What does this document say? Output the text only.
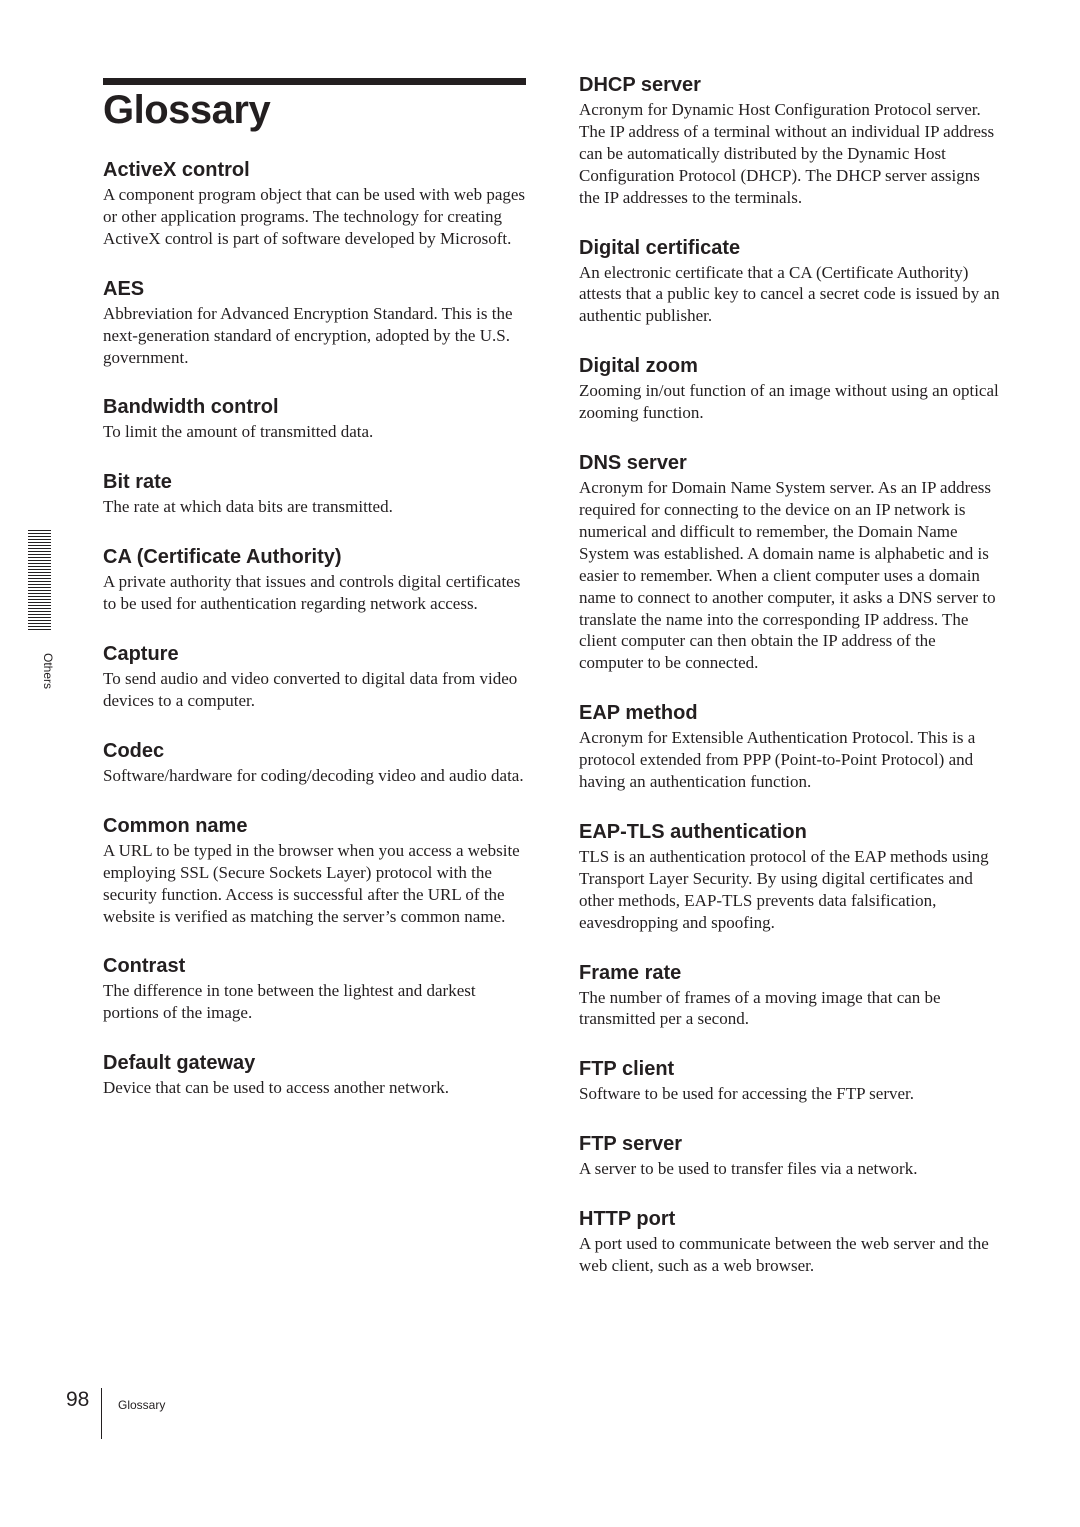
Glossary
Others
ActiveX control

A component program object that can be used with web pages or other application programs. The technology for creating ActiveX control is part of software developed by Microsoft.

AES

Abbreviation for Advanced Encryption Standard. This is the next-generation standard of encryption, adopted by the U.S. government.

Bandwidth control

To limit the amount of transmitted data.

Bit rate

The rate at which data bits are transmitted.

CA (Certificate Authority)

A private authority that issues and controls digital certificates to be used for authentication regarding network access.

Capture

To send audio and video converted to digital data from video devices to a computer.

Codec

Software/hardware for coding/decoding video and audio data.

Common name

A URL to be typed in the browser when you access a website employing SSL (Secure Sockets Layer) protocol with the security function. Access is successful after the URL of the website is verified as matching the server’s common name.

Contrast

The difference in tone between the lightest and darkest portions of the image.

Default gateway

Device that can be used to access another network.

DHCP server

Acronym for Dynamic Host Configuration Protocol server. The IP address of a terminal without an individual IP address can be automatically distributed by the Dynamic Host Configuration Protocol (DHCP). The DHCP server assigns the IP addresses to the terminals.

Digital certificate

An electronic certificate that a CA (Certificate Authority) attests that a public key to cancel a secret code is issued by an authentic publisher.

Digital zoom

Zooming in/out function of an image without using an optical zooming function.

DNS server

Acronym for Domain Name System server. As an IP address required for connecting to the device on an IP network is numerical and difficult to remember, the Domain Name System was established. A domain name is alphabetic and is easier to remember. When a client computer uses a domain name to connect to another computer, it asks a DNS server to translate the name into the corresponding IP address. The client computer can then obtain the IP address of the computer to be connected.

EAP method

Acronym for Extensible Authentication Protocol. This is a protocol extended from PPP (Point-to-Point Protocol) and having an authentication function.

EAP-TLS authentication

TLS is an authentication protocol of the EAP methods using Transport Layer Security. By using digital certificates and other methods, EAP-TLS prevents data falsification, eavesdropping and spoofing.

Frame rate

The number of frames of a moving image that can be transmitted per a second.

FTP client

Software to be used for accessing the FTP server.

FTP server

A server to be used to transfer files via a network.

HTTP port

A port used to communicate between the web server and the web client, such as a web browser.

98 Glossary
